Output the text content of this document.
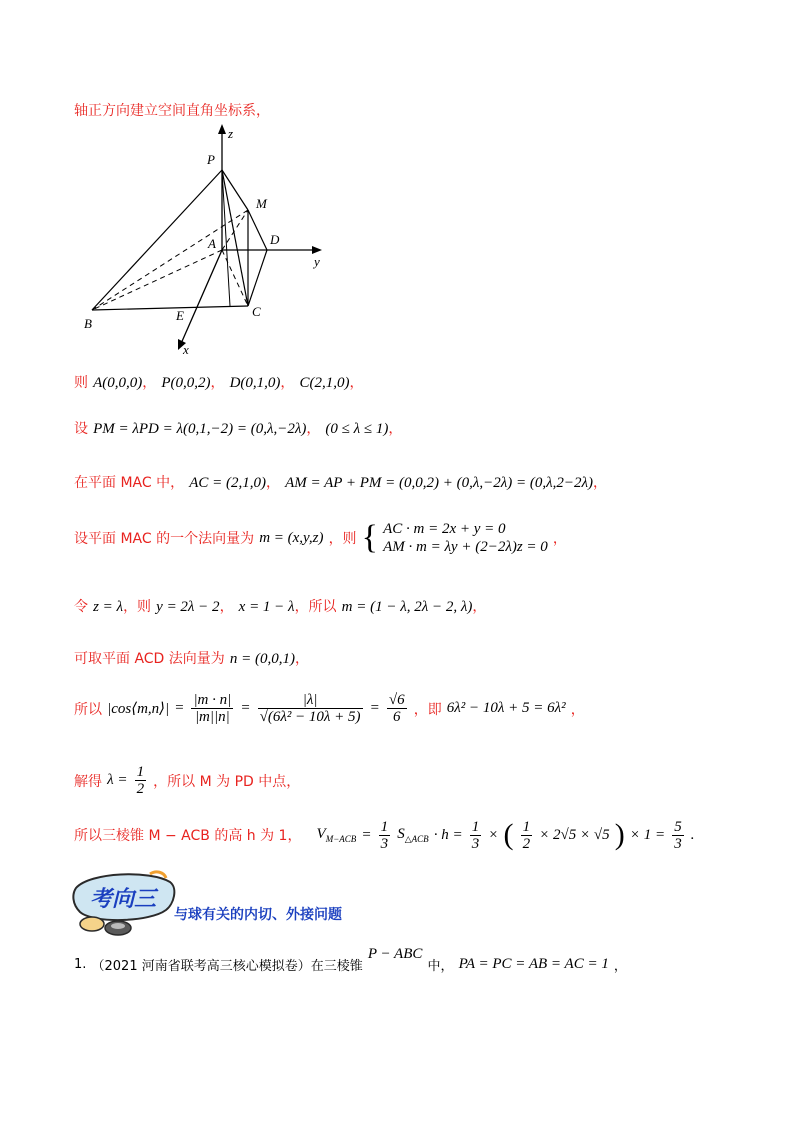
轴正方向建立空间直角坐标系，
z
P
M
A	D
y
B
E	C
x
则 A(0,0,0)， P(0,0,2)， D(0,1,0)， C(2,1,0)，
设 PM = λPD = λ(0,1,−2) = (0,λ,−2λ)， (0 ≤ λ ≤ 1)，
在平面 MAC 中， AC = (2,1,0)， AM = AP + PM = (0,0,2) + (0,λ,−2λ) = (0,λ,2−2λ)，
设平面 MAC 的一个法向量为 m = (x,y,z) ，则 { AC · m = 2x + y = 0
AM · m = λy + (2−2λ)z = 0 ，
令 z = λ，则 y = 2λ − 2， x = 1 − λ，所以 m = (1 − λ, 2λ − 2, λ)，
可取平面 ACD 法向量为 n = (0,0,1)，
所以 |cos⟨m,n⟩| = $\frac{|m \cdot n|}{|m||n|} = \frac{|\lambda|}{\text{√(6λ² − 10λ + 5)}} = \frac{√6}{6}$ ，即 6λ² − 10λ + 5 = 6λ² ，
解得 $\lambda = \frac{1}{2}$ ，所以 M 为 PD 中点，
所以三棱锥 M − ACB 的高 h 为 1， $V_{M-ACB} = \frac{1}{3} S_{\triangle ACB} \cdot h = \frac{1}{3}$ × ( $\frac{1}{2} \times 2√5 \times √5$ ) × $1 = \frac{5}{3}$ .
考向三
与球有关的内切、外接问题
1. （2021 河南省联考高三核心模拟卷）在三棱锥 P − ABC 中， PA = PC = AB = AC = 1 ，
